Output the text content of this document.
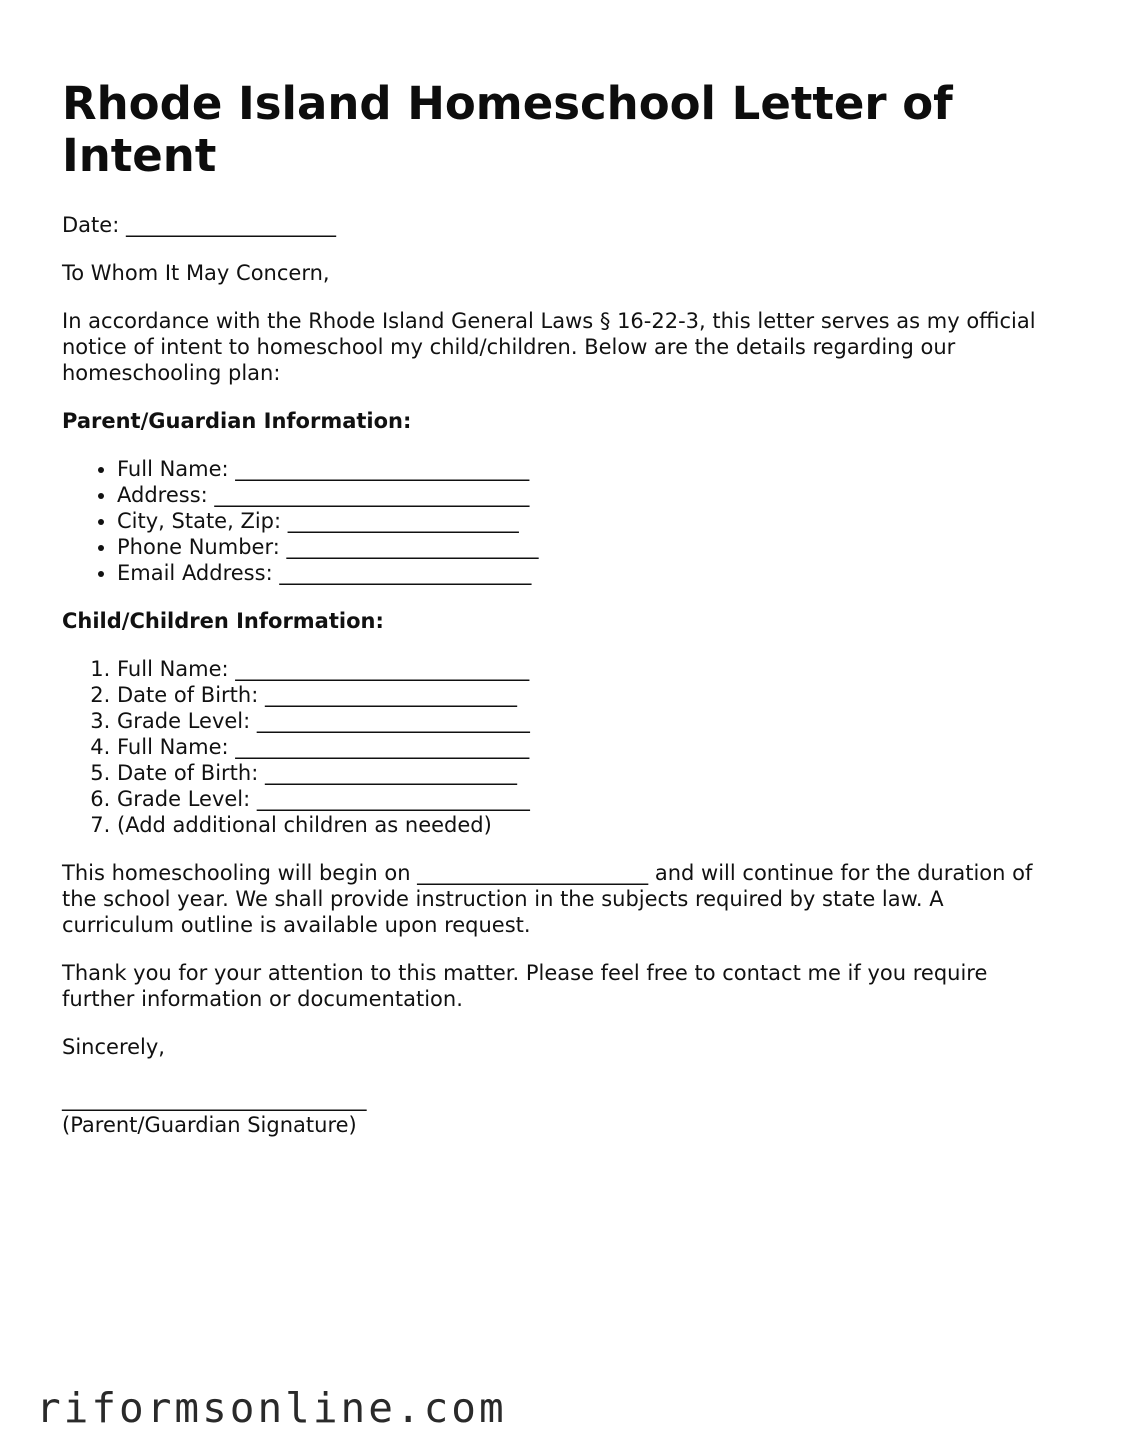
Rhode Island Homeschool Letter of Intent

Date: ____________________

To Whom It May Concern,

In accordance with the Rhode Island General Laws § 16-22-3, this letter serves as my official notice of intent to homeschool my child/children. Below are the details regarding our homeschooling plan:

Parent/Guardian Information:
• Full Name: ____________________________
• Address: ______________________________
• City, State, Zip: ______________________
• Phone Number: ________________________
• Email Address: ________________________
Child/Children Information:
1. Full Name: ____________________________
2. Date of Birth: ________________________
3. Grade Level: __________________________
4. Full Name: ____________________________
5. Date of Birth: ________________________
6. Grade Level: __________________________
7. (Add additional children as needed)

This homeschooling will begin on ______________________ and will continue for the duration of the school year. We shall provide instruction in the subjects required by state law. A curriculum outline is available upon request.

Thank you for your attention to this matter. Please feel free to contact me if you require further information or documentation.

Sincerely,

_____________________________
(Parent/Guardian Signature)
riformsonline.com
